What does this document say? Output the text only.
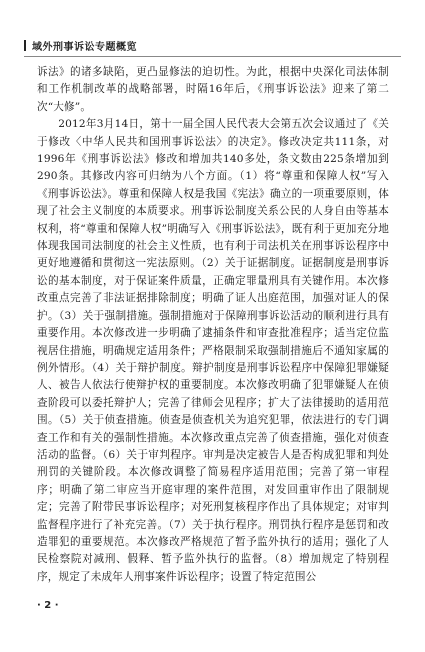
域外刑事诉讼专题概览

诉法》的诸多缺陷，更凸显修法的迫切性。为此，根据中央深化司法体制和工作机制改革的战略部署，时隔16年后，《刑事诉讼法》迎来了第二次“大修”。

2012年3月14日，第十一届全国人民代表大会第五次会议通过了《关于修改〈中华人民共和国刑事诉讼法〉的决定》。修改决定共111条，对1996年《刑事诉讼法》修改和增加共140多处，条文数由225条增加到290条。其修改内容可归纳为八个方面。（1）将“尊重和保障人权”写入《刑事诉讼法》。尊重和保障人权是我国《宪法》确立的一项重要原则，体现了社会主义制度的本质要求。刑事诉讼制度关系公民的人身自由等基本权利，将“尊重和保障人权”明确写入《刑事诉讼法》，既有利于更加充分地体现我国司法制度的社会主义性质，也有利于司法机关在刑事诉讼程序中更好地遵循和贯彻这一宪法原则。（2）关于证据制度。证据制度是刑事诉讼的基本制度，对于保证案件质量，正确定罪量刑具有关键作用。本次修改重点完善了非法证据排除制度；明确了证人出庭范围，加强对证人的保护。（3）关于强制措施。强制措施对于保障刑事诉讼活动的顺利进行具有重要作用。本次修改进一步明确了逮捕条件和审查批准程序；适当定位监视居住措施，明确规定适用条件；严格限制采取强制措施后不通知家属的例外情形。（4）关于辩护制度。辩护制度是刑事诉讼程序中保障犯罪嫌疑人、被告人依法行使辩护权的重要制度。本次修改明确了犯罪嫌疑人在侦查阶段可以委托辩护人；完善了律师会见程序；扩大了法律援助的适用范围。（5）关于侦查措施。侦查是侦查机关为追究犯罪，依法进行的专门调查工作和有关的强制性措施。本次修改重点完善了侦查措施，强化对侦查活动的监督。（6）关于审判程序。审判是决定被告人是否构成犯罪和判处刑罚的关键阶段。本次修改调整了简易程序适用范围；完善了第一审程序；明确了第二审应当开庭审理的案件范围，对发回重审作出了限制规定；完善了附带民事诉讼程序；对死刑复核程序作出了具体规定；对审判监督程序进行了补充完善。（7）关于执行程序。刑罚执行程序是惩罚和改造罪犯的重要规范。本次修改严格规范了暂予监外执行的适用；强化了人民检察院对减刑、假释、暂予监外执行的监督。（8）增加规定了特别程序，规定了未成年人刑事案件诉讼程序；设置了特定范围公

· 2 ·
